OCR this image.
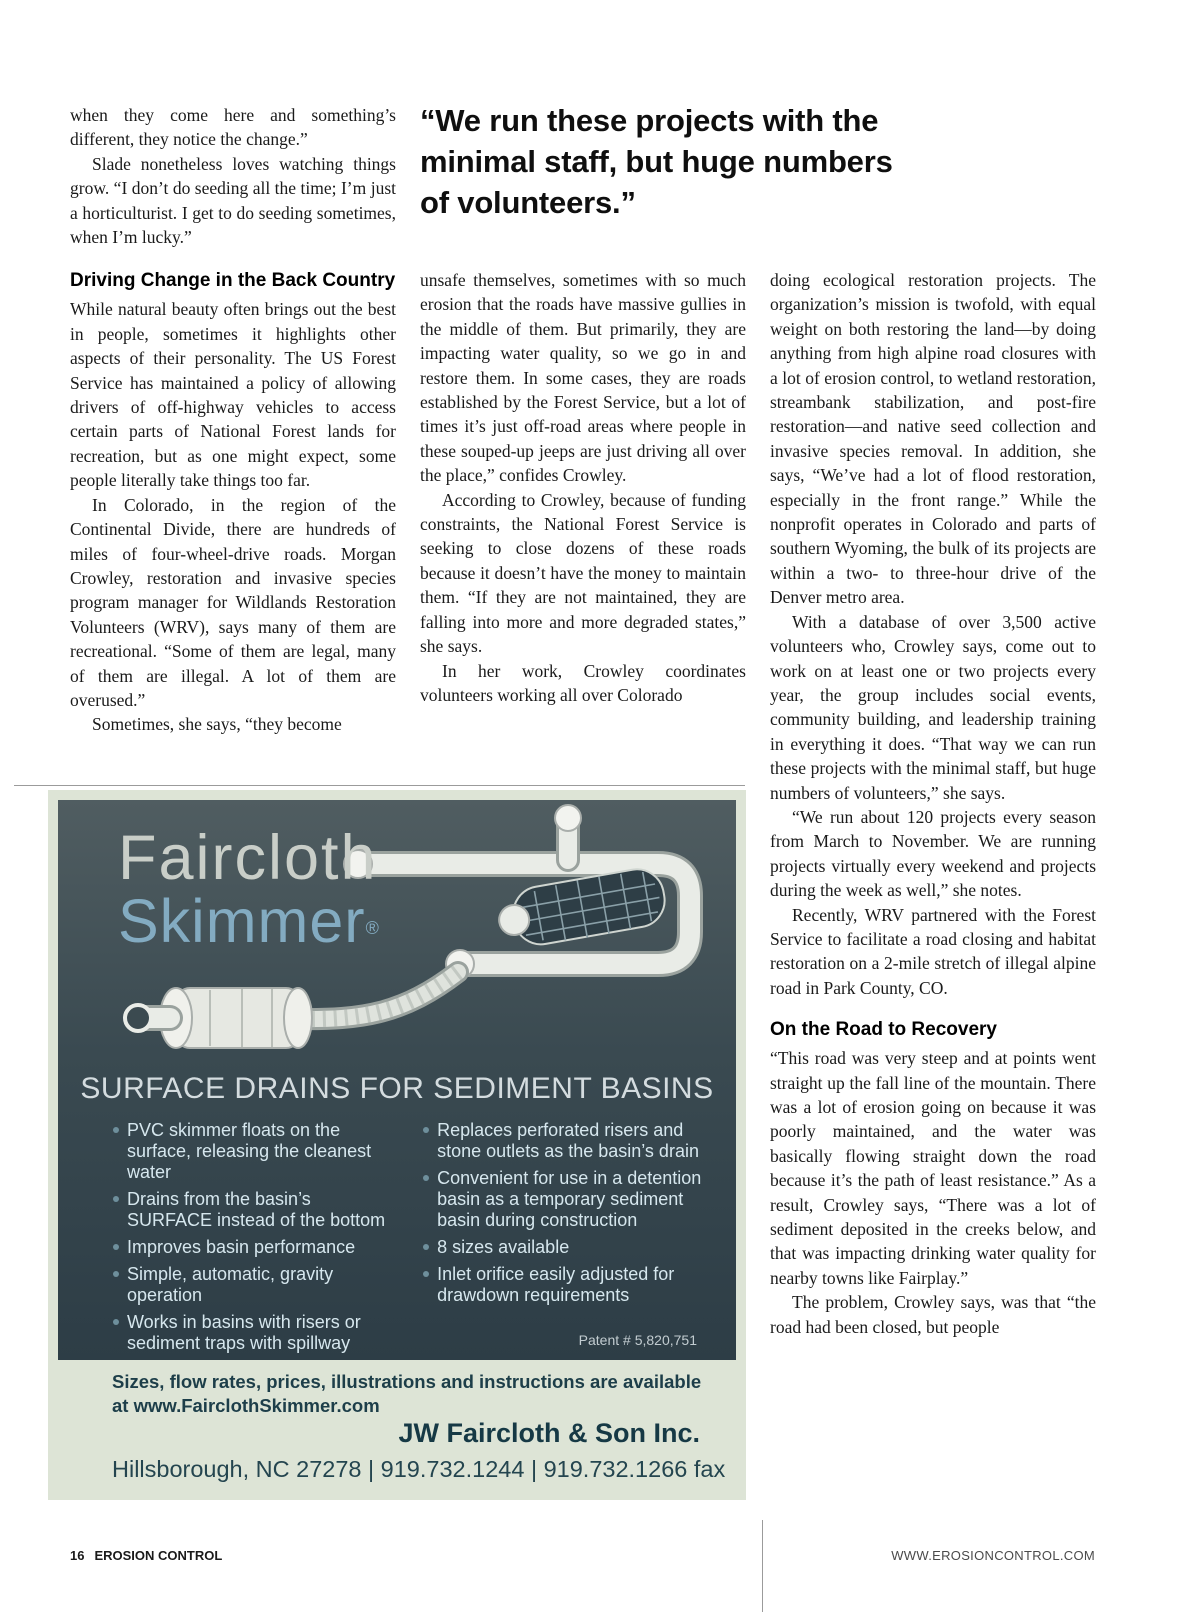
“We run these projects with the minimal staff, but huge numbers of volunteers.”

when they come here and something’s different, they notice the change.”

Slade nonetheless loves watching things grow. “I don’t do seeding all the time; I’m just a horticulturist. I get to do seeding sometimes, when I’m lucky.”

Driving Change in the Back Country

While natural beauty often brings out the best in people, sometimes it highlights other aspects of their personality. The US Forest Service has maintained a policy of allowing drivers of off-highway vehicles to access certain parts of National Forest lands for recreation, but as one might expect, some people literally take things too far.

In Colorado, in the region of the Continental Divide, there are hundreds of miles of four-wheel-drive roads. Morgan Crowley, restoration and invasive species program manager for Wildlands Restoration Volunteers (WRV), says many of them are recreational. “Some of them are legal, many of them are illegal. A lot of them are overused.”

Sometimes, she says, “they become

unsafe themselves, sometimes with so much erosion that the roads have massive gullies in the middle of them. But primarily, they are impacting water quality, so we go in and restore them. In some cases, they are roads established by the Forest Service, but a lot of times it’s just off-road areas where people in these souped-up jeeps are just driving all over the place,” confides Crowley.

According to Crowley, because of funding constraints, the National Forest Service is seeking to close dozens of these roads because it doesn’t have the money to maintain them. “If they are not maintained, they are falling into more and more degraded states,” she says.

In her work, Crowley coordinates volunteers working all over Colorado

doing ecological restoration projects. The organization’s mission is twofold, with equal weight on both restoring the land—by doing anything from high alpine road closures with a lot of erosion control, to wetland restoration, streambank stabilization, and post-fire restoration—and native seed collection and invasive species removal. In addition, she says, “We’ve had a lot of flood restoration, especially in the front range.” While the nonprofit operates in Colorado and parts of southern Wyoming, the bulk of its projects are within a two- to three-hour drive of the Denver metro area.

With a database of over 3,500 active volunteers who, Crowley says, come out to work on at least one or two projects every year, the group includes social events, community building, and leadership training in everything it does. “That way we can run these projects with the minimal staff, but huge numbers of volunteers,” she says.

“We run about 120 projects every season from March to November. We are running projects virtually every weekend and projects during the week as well,” she notes.

Recently, WRV partnered with the Forest Service to facilitate a road closing and habitat restoration on a 2-mile stretch of illegal alpine road in Park County, CO.

On the Road to Recovery

“This road was very steep and at points went straight up the fall line of the mountain. There was a lot of erosion going on because it was poorly maintained, and the water was basically flowing straight down the road because it’s the path of least resistance.” As a result, Crowley says, “There was a lot of sediment deposited in the creeks below, and that was impacting drinking water quality for nearby towns like Fairplay.”

The problem, Crowley says, was that “the road had been closed, but people

Faircloth
Skimmer®
SURFACE DRAINS FOR SEDIMENT BASINS
PVC skimmer floats on the surface, releasing the cleanest water
Drains from the basin’s SURFACE instead of the bottom
Improves basin performance
Simple, automatic, gravity operation
Works in basins with risers or sediment traps with spillway
Replaces perforated risers and stone outlets as the basin’s drain
Convenient for use in a detention basin as a temporary sediment basin during construction
8 sizes available
Inlet orifice easily adjusted for drawdown requirements
Patent # 5,820,751
Sizes, flow rates, prices, illustrations and instructions are available
at www.FairclothSkimmer.com
JW Faircloth & Son Inc.
Hillsborough, NC 27278 | 919.732.1244 | 919.732.1266 fax
16 EROSION CONTROL	WWW.EROSIONCONTROL.COM
